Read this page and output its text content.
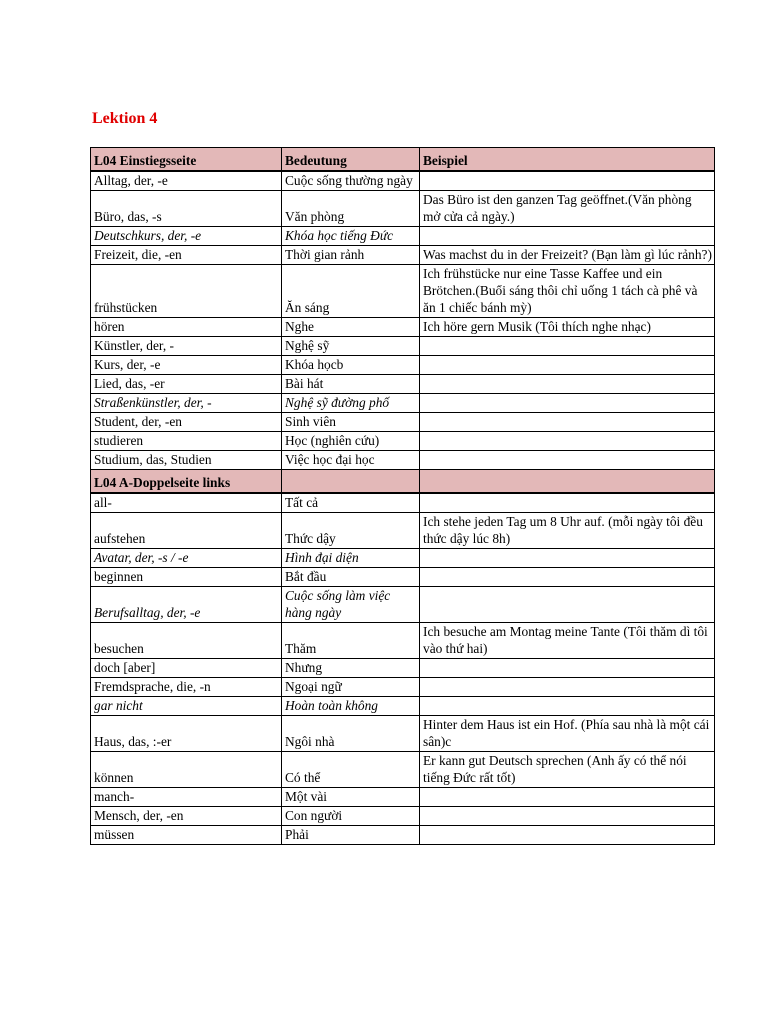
Lektion 4
L04 Einstiegsseite	Bedeutung	Beispiel
Alltag, der, -e	Cuộc sống thường ngày	
Büro, das, -s	Văn phòng	Das Büro ist den ganzen Tag geöffnet.(Văn phòng mở cửa cả ngày.)
Deutschkurs, der, -e	Khóa học tiếng Đức	
Freizeit, die, -en	Thời gian rảnh	Was machst du in der Freizeit? (Bạn làm gì lúc rảnh?)
frühstücken	Ăn sáng	Ich frühstücke nur eine Tasse Kaffee und ein Brötchen.(Buổi sáng thôi chỉ uống 1 tách cà phê và ăn 1 chiếc bánh mỳ)
hören	Nghe	Ich höre gern Musik (Tôi thích nghe nhạc)
Künstler, der, -	Nghệ sỹ	
Kurs, der, -e	Khóa họcb	
Lied, das, -er	Bài hát	
Straßenkünstler, der, -	Nghệ sỹ đường phố	
Student, der, -en	Sinh viên	
studieren	Học (nghiên cứu)	
Studium, das, Studien	Việc học đại học	
L04 A-Doppelseite links		
all-	Tất cả	
aufstehen	Thức dậy	Ich stehe jeden Tag um 8 Uhr auf. (mỗi ngày tôi đều thức dậy lúc 8h)
Avatar, der, -s / -e	Hình đại diện	
beginnen	Bắt đầu	
Berufsalltag, der, -e	Cuộc sống làm việc hàng ngày	
besuchen	Thăm	Ich besuche am Montag meine Tante (Tôi thăm dì tôi vào thứ hai)
doch [aber]	Nhưng	
Fremdsprache, die, -n	Ngoại ngữ	
gar nicht	Hoàn toàn không	
Haus, das, :-er	Ngôi nhà	Hinter dem Haus ist ein Hof. (Phía sau nhà là một cái sân)c
können	Có thể	Er kann gut Deutsch sprechen (Anh ấy có thể nói tiếng Đức rất tốt)
manch-	Một vài	
Mensch, der, -en	Con người	
müssen	Phải	
